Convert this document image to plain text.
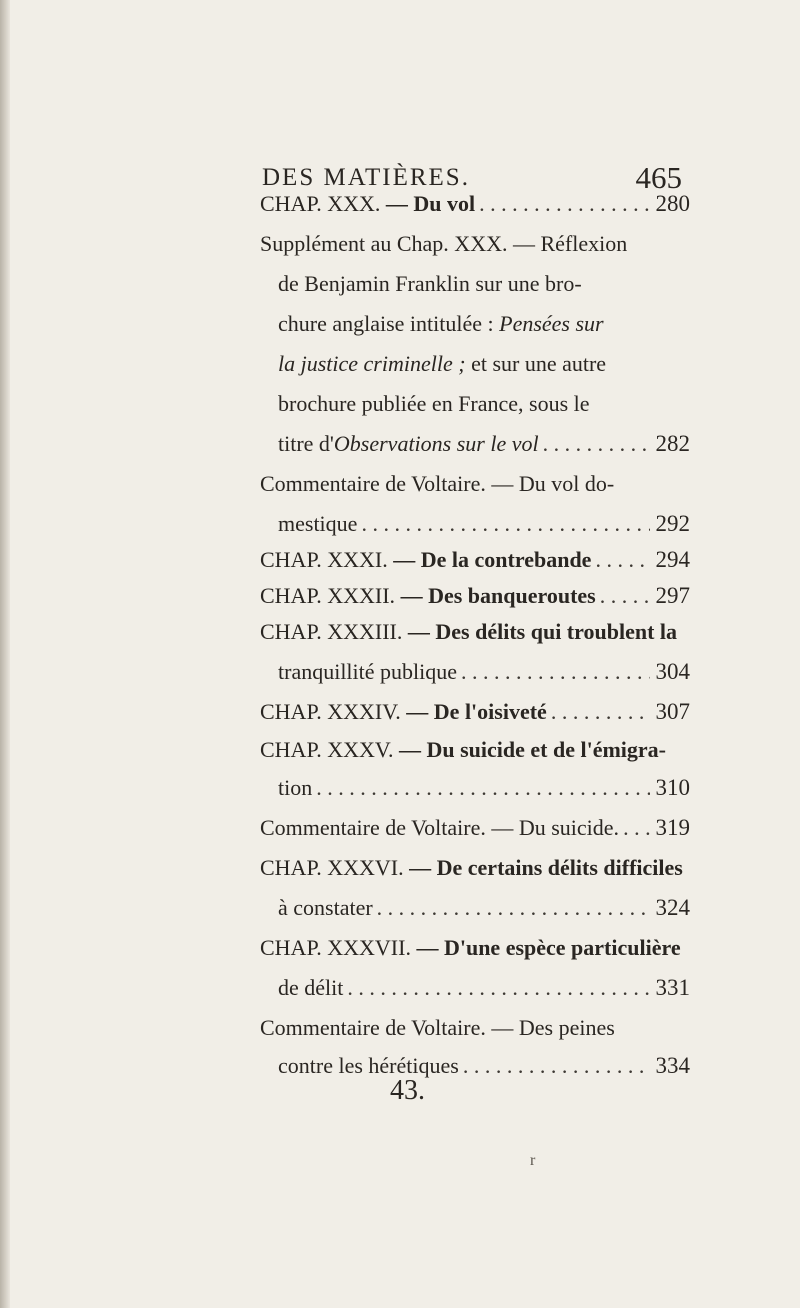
DES MATIÈRES.	465
CHAP. XXX. — Du vol	280
. . .
Supplément au Chap. XXX. — Réflexion
de Benjamin Franklin sur une bro-
chure anglaise intitulée : Pensées sur
la justice criminelle ; et sur une autre
brochure publiée en France, sous le
titre d'Observations sur le vol	282
. . .
Commentaire de Voltaire. — Du vol do-
mestique	292
. . .
CHAP. XXXI. — De la contrebande	294
. . .
CHAP. XXXII. — Des banqueroutes	297
. . .
CHAP. XXXIII. — Des délits qui troublent la
tranquillité publique	304
. . .
CHAP. XXXIV. — De l'oisiveté	307
. . .
CHAP. XXXV. — Du suicide et de l'émigra-
tion	310
. . .
Commentaire de Voltaire. — Du suicide. 319
. . .
CHAP. XXXVI. — De certains délits difficiles
à constater	324
. . .
CHAP. XXXVII. — D'une espèce particulière
de délit	331
. . .
Commentaire de Voltaire. — Des peines
contre les hérétiques	334
. . .
43.
r
